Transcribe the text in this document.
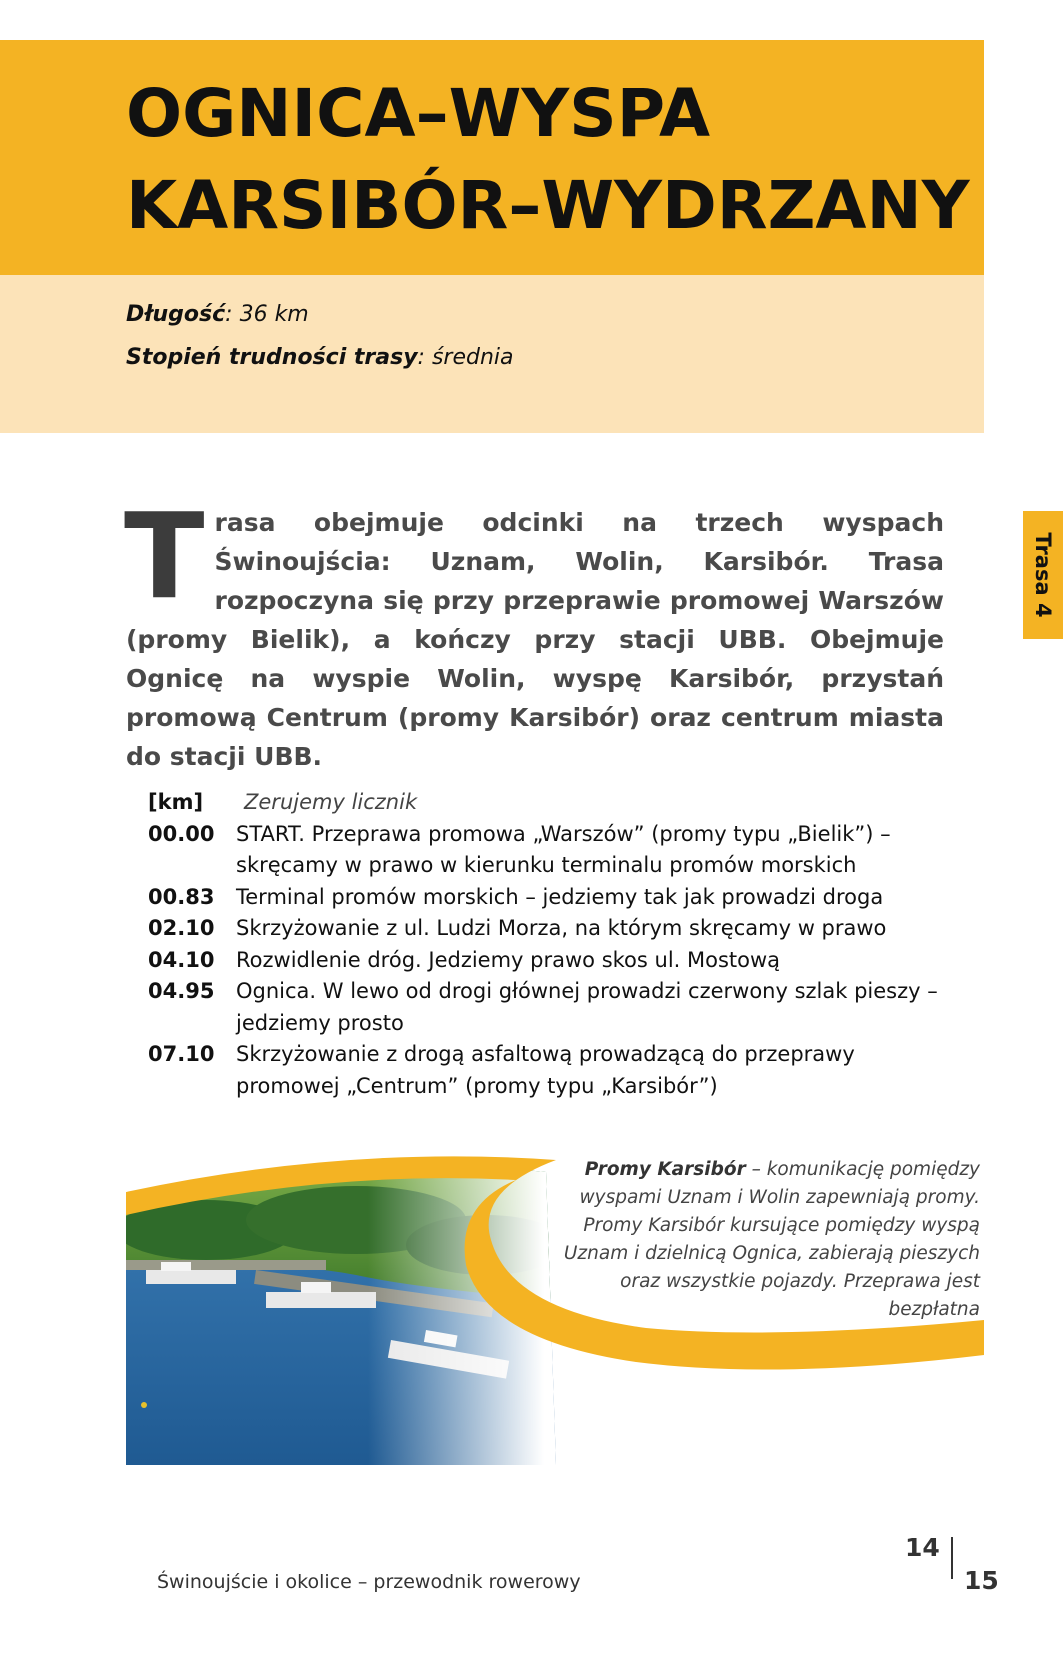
OGNICA–WYSPA
KARSIBÓR–WYDRZANY
Długość: 36 km
Stopień trudności trasy: średnia
Trasa 4
Trasa obejmuje odcinki na trzech wyspach Świnoujścia: Uznam, Wolin, Karsibór. Trasa rozpoczyna się przy przeprawie promowej Warszów (promy Bielik), a kończy przy stacji UBB. Obejmuje Ognicę na wyspie Wolin, wyspę Karsibór, przystań promową Centrum (promy Karsibór) oraz centrum miasta do stacji UBB.
[km]	Zerujemy licznik
00.00	START. Przeprawa promowa „Warszów” (promy typu „Bielik”) – skręcamy w prawo w kierunku terminalu promów morskich
00.83	Terminal promów morskich – jedziemy tak jak prowadzi droga
02.10	Skrzyżowanie z ul. Ludzi Morza, na którym skręcamy w prawo
04.10	Rozwidlenie dróg. Jedziemy prawo skos ul. Mostową
04.95	Ognica. W lewo od drogi głównej prowadzi czerwony szlak pieszy – jedziemy prosto
07.10	Skrzyżowanie z drogą asfaltową prowadzącą do przeprawy promowej „Centrum” (promy typu „Karsibór”)
Promy Karsibór – komunikację pomiędzy wyspami Uznam i Wolin zapewniają promy. Promy Karsibór kursujące pomiędzy wyspą Uznam i dzielnicą Ognica, zabierają pieszych oraz wszystkie pojazdy. Przeprawa jest bezpłatna
Świnoujście i okolice – przewodnik rowerowy
14
15
